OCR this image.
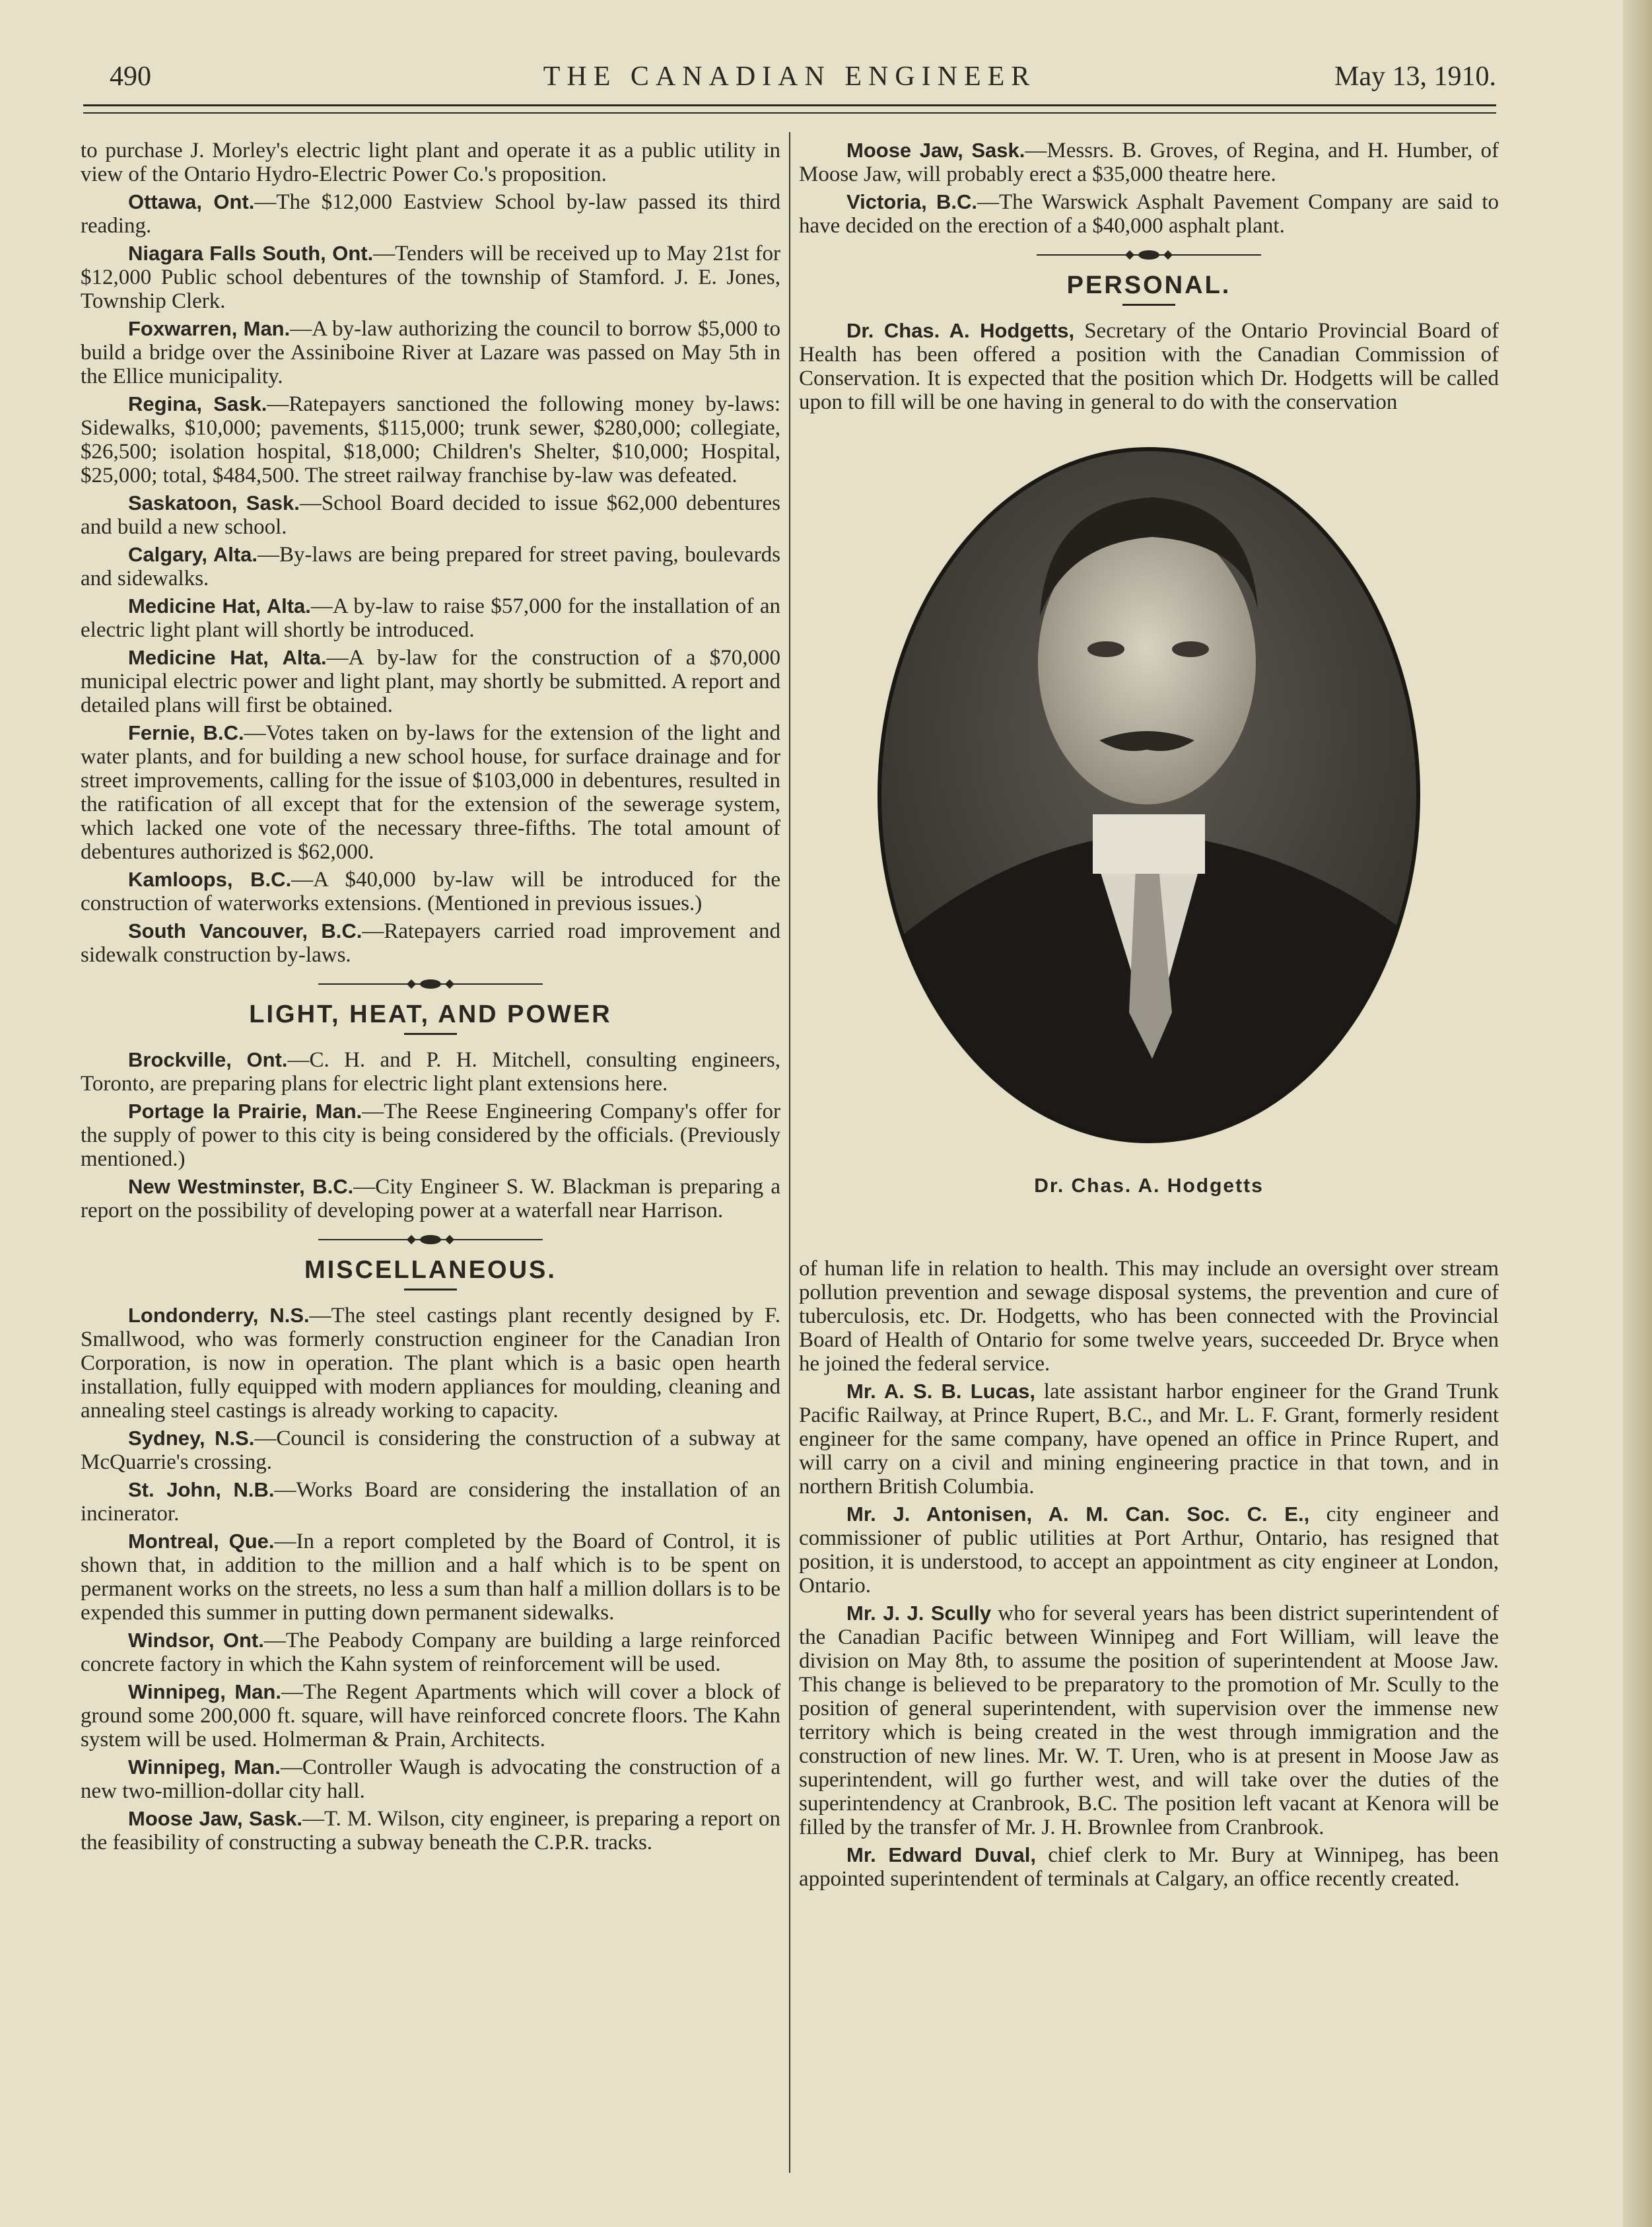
490	THE CANADIAN ENGINEER	May 13, 1910.

to purchase J. Morley's electric light plant and operate it as a public utility in view of the Ontario Hydro-Electric Power Co.'s proposition.

Ottawa, Ont.—The $12,000 Eastview School by-law passed its third reading.

Niagara Falls South, Ont.—Tenders will be received up to May 21st for $12,000 Public school debentures of the township of Stamford. J. E. Jones, Township Clerk.

Foxwarren, Man.—A by-law authorizing the council to borrow $5,000 to build a bridge over the Assiniboine River at Lazare was passed on May 5th in the Ellice municipality.

Regina, Sask.—Ratepayers sanctioned the following money by-laws: Sidewalks, $10,000; pavements, $115,000; trunk sewer, $280,000; collegiate, $26,500; isolation hospital, $18,000; Children's Shelter, $10,000; Hospital, $25,000; total, $484,500. The street railway franchise by-law was defeated.

Saskatoon, Sask.—School Board decided to issue $62,000 debentures and build a new school.

Calgary, Alta.—By-laws are being prepared for street paving, boulevards and sidewalks.

Medicine Hat, Alta.—A by-law to raise $57,000 for the installation of an electric light plant will shortly be introduced.

Medicine Hat, Alta.—A by-law for the construction of a $70,000 municipal electric power and light plant, may shortly be submitted. A report and detailed plans will first be obtained.

Fernie, B.C.—Votes taken on by-laws for the extension of the light and water plants, and for building a new school house, for surface drainage and for street improvements, calling for the issue of $103,000 in debentures, resulted in the ratification of all except that for the extension of the sewerage system, which lacked one vote of the necessary three-fifths. The total amount of debentures authorized is $62,000.

Kamloops, B.C.—A $40,000 by-law will be introduced for the construction of waterworks extensions. (Mentioned in previous issues.)

South Vancouver, B.C.—Ratepayers carried road improvement and sidewalk construction by-laws.

LIGHT, HEAT, AND POWER

Brockville, Ont.—C. H. and P. H. Mitchell, consulting engineers, Toronto, are preparing plans for electric light plant extensions here.

Portage la Prairie, Man.—The Reese Engineering Company's offer for the supply of power to this city is being considered by the officials. (Previously mentioned.)

New Westminster, B.C.—City Engineer S. W. Blackman is preparing a report on the possibility of developing power at a waterfall near Harrison.

MISCELLANEOUS.

Londonderry, N.S.—The steel castings plant recently designed by F. Smallwood, who was formerly construction engineer for the Canadian Iron Corporation, is now in operation. The plant which is a basic open hearth installation, fully equipped with modern appliances for moulding, cleaning and annealing steel castings is already working to capacity.

Sydney, N.S.—Council is considering the construction of a subway at McQuarrie's crossing.

St. John, N.B.—Works Board are considering the installation of an incinerator.

Montreal, Que.—In a report completed by the Board of Control, it is shown that, in addition to the million and a half which is to be spent on permanent works on the streets, no less a sum than half a million dollars is to be expended this summer in putting down permanent sidewalks.

Windsor, Ont.—The Peabody Company are building a large reinforced concrete factory in which the Kahn system of reinforcement will be used.

Winnipeg, Man.—The Regent Apartments which will cover a block of ground some 200,000 ft. square, will have reinforced concrete floors. The Kahn system will be used. Holmerman & Prain, Architects.

Winnipeg, Man.—Controller Waugh is advocating the construction of a new two-million-dollar city hall.

Moose Jaw, Sask.—T. M. Wilson, city engineer, is preparing a report on the feasibility of constructing a subway beneath the C.P.R. tracks.

Moose Jaw, Sask.—Messrs. B. Groves, of Regina, and H. Humber, of Moose Jaw, will probably erect a $35,000 theatre here.

Victoria, B.C.—The Warswick Asphalt Pavement Company are said to have decided on the erection of a $40,000 asphalt plant.

PERSONAL.

Dr. Chas. A. Hodgetts, Secretary of the Ontario Provincial Board of Health has been offered a position with the Canadian Commission of Conservation. It is expected that the position which Dr. Hodgetts will be called upon to fill will be one having in general to do with the conservation

Dr. Chas. A. Hodgetts

of human life in relation to health. This may include an oversight over stream pollution prevention and sewage disposal systems, the prevention and cure of tuberculosis, etc. Dr. Hodgetts, who has been connected with the Provincial Board of Health of Ontario for some twelve years, succeeded Dr. Bryce when he joined the federal service.

Mr. A. S. B. Lucas, late assistant harbor engineer for the Grand Trunk Pacific Railway, at Prince Rupert, B.C., and Mr. L. F. Grant, formerly resident engineer for the same company, have opened an office in Prince Rupert, and will carry on a civil and mining engineering practice in that town, and in northern British Columbia.

Mr. J. Antonisen, A. M. Can. Soc. C. E., city engineer and commissioner of public utilities at Port Arthur, Ontario, has resigned that position, it is understood, to accept an appointment as city engineer at London, Ontario.

Mr. J. J. Scully who for several years has been district superintendent of the Canadian Pacific between Winnipeg and Fort William, will leave the division on May 8th, to assume the position of superintendent at Moose Jaw. This change is believed to be preparatory to the promotion of Mr. Scully to the position of general superintendent, with supervision over the immense new territory which is being created in the west through immigration and the construction of new lines. Mr. W. T. Uren, who is at present in Moose Jaw as superintendent, will go further west, and will take over the duties of the superintendency at Cranbrook, B.C. The position left vacant at Kenora will be filled by the transfer of Mr. J. H. Brownlee from Cranbrook.

Mr. Edward Duval, chief clerk to Mr. Bury at Winnipeg, has been appointed superintendent of terminals at Calgary, an office recently created.
